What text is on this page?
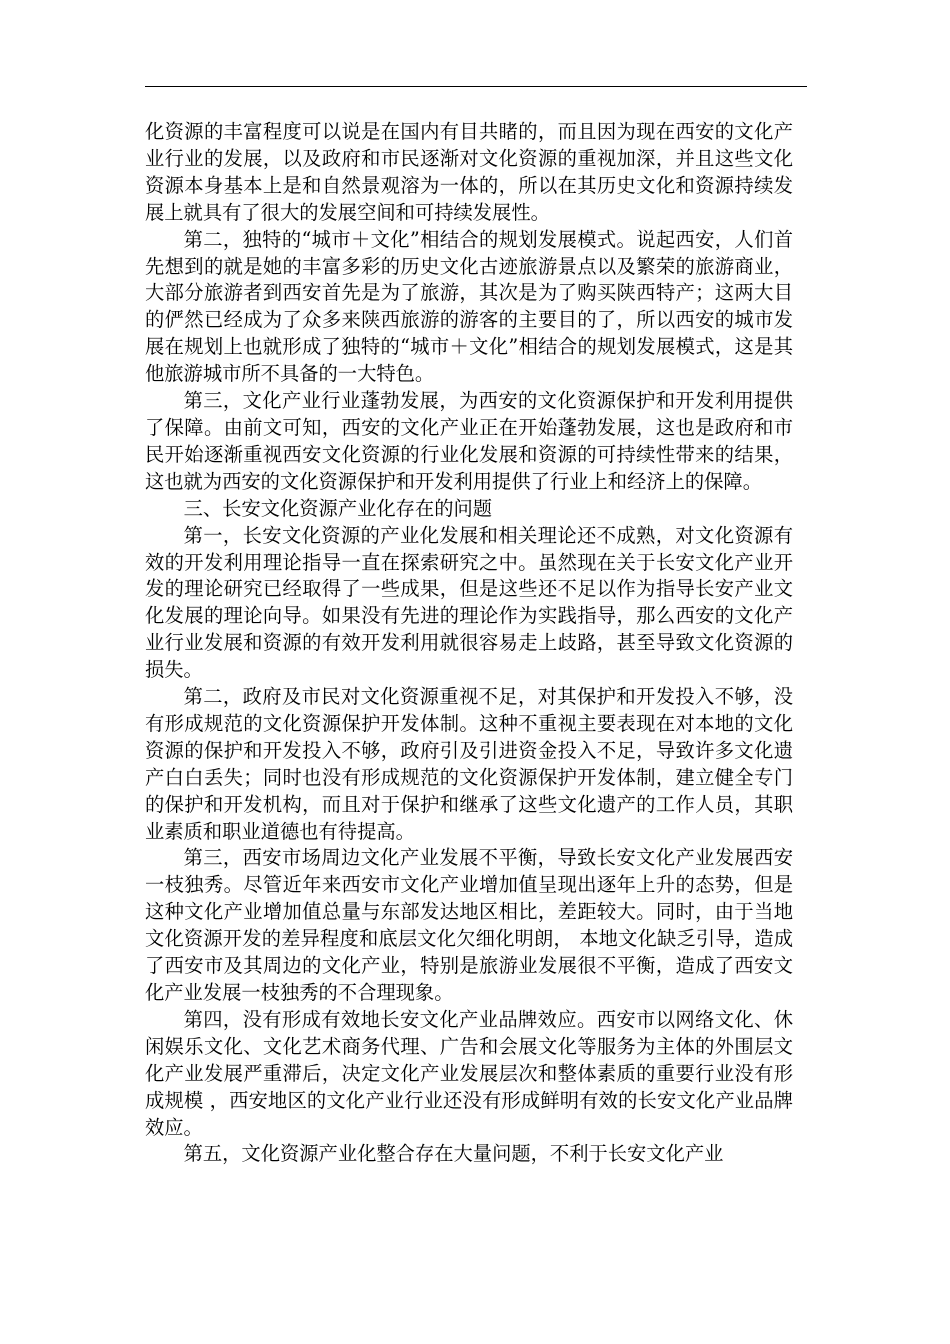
化资源的丰富程度可以说是在国内有目共睹的，而且因为现在西安的文化产业行业的发展，以及政府和市民逐渐对文化资源的重视加深，并且这些文化资源本身基本上是和自然景观溶为一体的，所以在其历史文化和资源持续发展上就具有了很大的发展空间和可持续发展性。

第二，独特的“城市＋文化”相结合的规划发展模式。说起西安，人们首先想到的就是她的丰富多彩的历史文化古迹旅游景点以及繁荣的旅游商业，大部分旅游者到西安首先是为了旅游，其次是为了购买陕西特产；这两大目的俨然已经成为了众多来陕西旅游的游客的主要目的了，所以西安的城市发展在规划上也就形成了独特的“城市＋文化”相结合的规划发展模式，这是其他旅游城市所不具备的一大特色。

第三，文化产业行业蓬勃发展，为西安的文化资源保护和开发利用提供了保障。由前文可知，西安的文化产业正在开始蓬勃发展，这也是政府和市民开始逐渐重视西安文化资源的行业化发展和资源的可持续性带来的结果，这也就为西安的文化资源保护和开发利用提供了行业上和经济上的保障。

三、长安文化资源产业化存在的问题

第一，长安文化资源的产业化发展和相关理论还不成熟，对文化资源有效的开发利用理论指导一直在探索研究之中。虽然现在关于长安文化产业开发的理论研究已经取得了一些成果，但是这些还不足以作为指导长安产业文化发展的理论向导。如果没有先进的理论作为实践指导，那么西安的文化产业行业发展和资源的有效开发利用就很容易走上歧路，甚至导致文化资源的损失。

第二，政府及市民对文化资源重视不足，对其保护和开发投入不够，没有形成规范的文化资源保护开发体制。这种不重视主要表现在对本地的文化资源的保护和开发投入不够，政府引及引进资金投入不足，导致许多文化遗产白白丢失；同时也没有形成规范的文化资源保护开发体制，建立健全专门的保护和开发机构，而且对于保护和继承了这些文化遗产的工作人员，其职业素质和职业道德也有待提高。

第三，西安市场周边文化产业发展不平衡，导致长安文化产业发展西安一枝独秀。尽管近年来西安市文化产业增加值呈现出逐年上升的态势，但是这种文化产业增加值总量与东部发达地区相比，差距较大。同时，由于当地文化资源开发的差异程度和底层文化欠细化明朗， 本地文化缺乏引导，造成了西安市及其周边的文化产业，特别是旅游业发展很不平衡，造成了西安文化产业发展一枝独秀的不合理现象。

第四，没有形成有效地长安文化产业品牌效应。西安市以网络文化、休闲娱乐文化、文化艺术商务代理、广告和会展文化等服务为主体的外围层文化产业发展严重滞后，决定文化产业发展层次和整体素质的重要行业没有形成规模 ，西安地区的文化产业行业还没有形成鲜明有效的长安文化产业品牌效应。

第五，文化资源产业化整合存在大量问题，不利于长安文化产业
